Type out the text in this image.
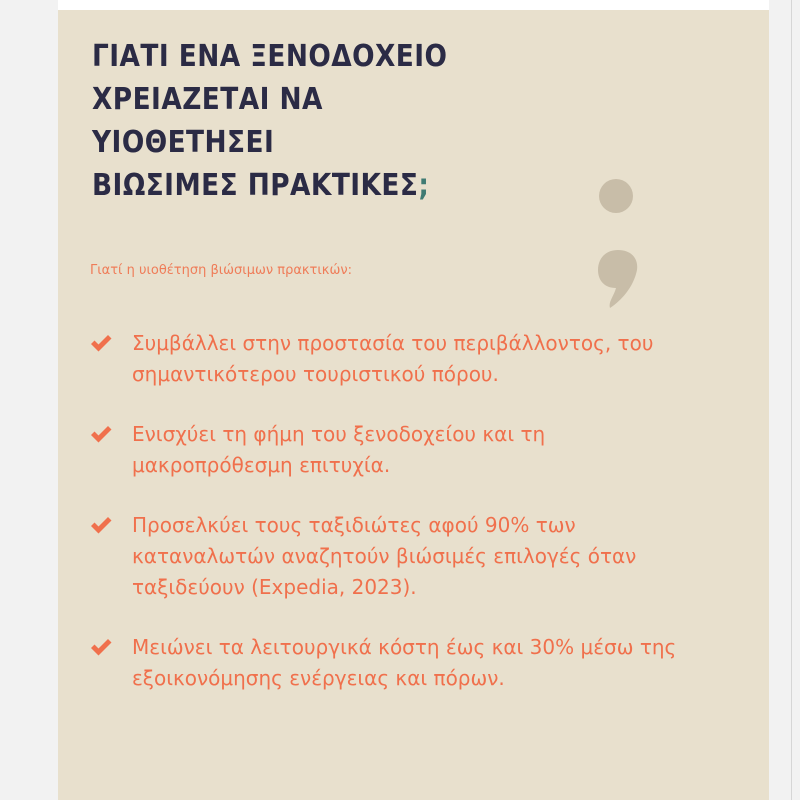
ΓΙΑΤΙ ΕΝΑ ΞΕΝΟΔΟΧΕΙΟ
ΧΡΕΙΑΖΕΤΑΙ ΝΑ ΥΙΟΘΕΤΗΣΕΙ
ΒΙΩΣΙΜΕΣ ΠΡΑΚΤΙΚΕΣ;

Γιατί η υιοθέτηση βιώσιμων πρακτικών:

Συμβάλλει στην προστασία του περιβάλλοντος, του σημαντικότερου τουριστικού πόρου.
Ενισχύει τη φήμη του ξενοδοχείου και τη μακροπρόθεσμη επιτυχία.
Προσελκύει τους ταξιδιώτες αφού 90% των καταναλωτών αναζητούν βιώσιμές επιλογές όταν ταξιδεύουν (Expedia, 2023).
Μειώνει τα λειτουργικά κόστη έως και 30% μέσω της εξοικονόμησης ενέργειας και πόρων.
